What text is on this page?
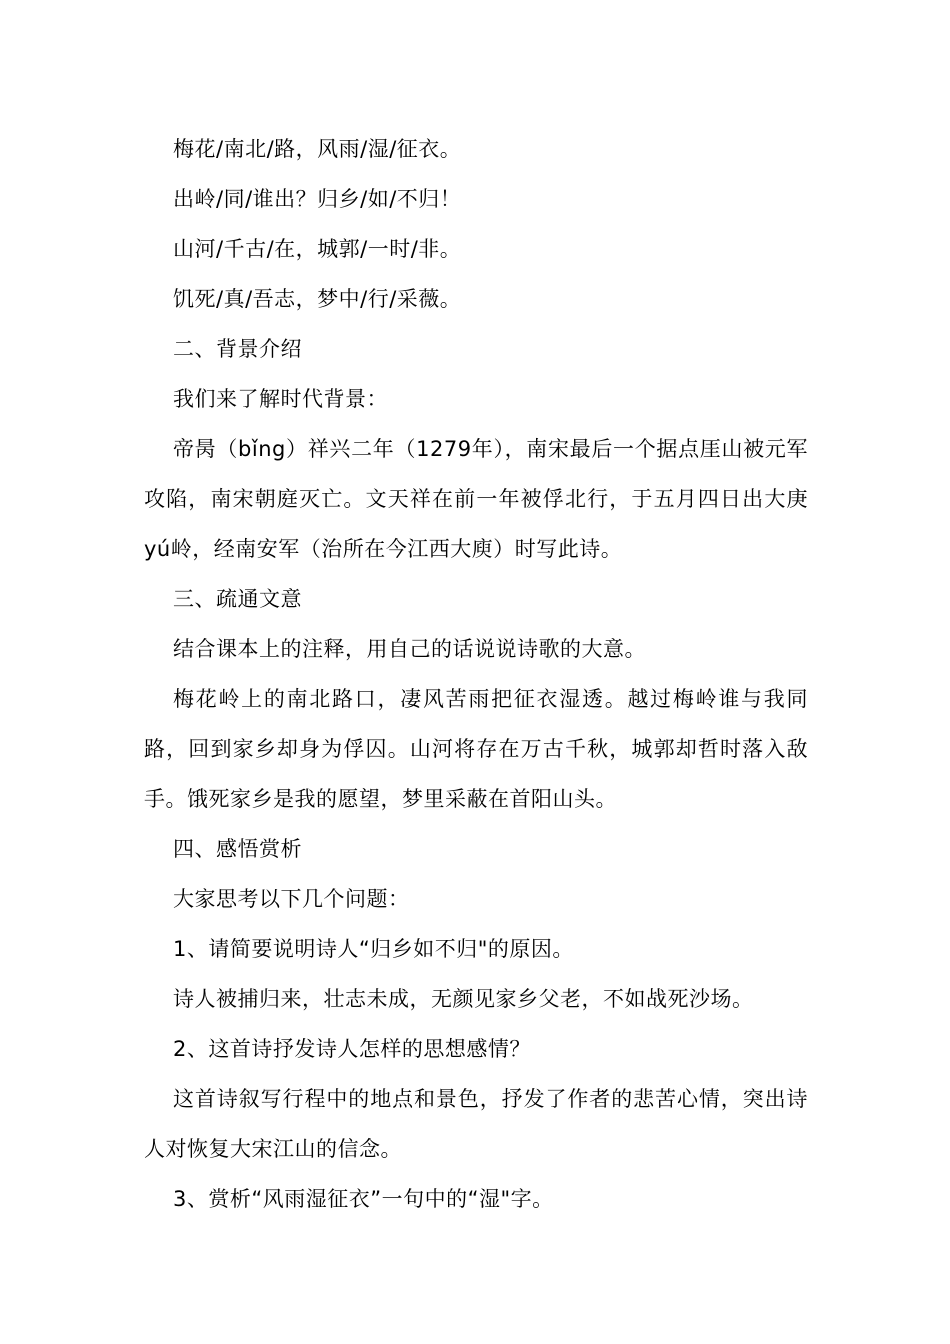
梅花/南北/路，风雨/湿/征衣。

出岭/同/谁出？归乡/如/不归！

山河/千古/在，城郭/一时/非。

饥死/真/吾志，梦中/行/采薇。

二、背景介绍

我们来了解时代背景：

帝昺（bǐng）祥兴二年（1279年），南宋最后一个据点厓山被元军攻陷，南宋朝庭灭亡。文天祥在前一年被俘北行，于五月四日出大庚yú岭，经南安军（治所在今江西大庾）时写此诗。

三、疏通文意

结合课本上的注释，用自己的话说说诗歌的大意。

梅花岭上的南北路口，凄风苦雨把征衣湿透。越过梅岭谁与我同路，回到家乡却身为俘囚。山河将存在万古千秋，城郭却哲时落入敌手。饿死家乡是我的愿望，梦里采蔽在首阳山头。

四、感悟赏析

大家思考以下几个问题：

1、请简要说明诗人“归乡如不归"的原因。

诗人被捕归来，壮志未成，无颜见家乡父老，不如战死沙场。

2、这首诗抒发诗人怎样的思想感情？

这首诗叙写行程中的地点和景色，抒发了作者的悲苦心情，突出诗人对恢复大宋江山的信念。

3、赏析“风雨湿征衣”一句中的“湿"字。
